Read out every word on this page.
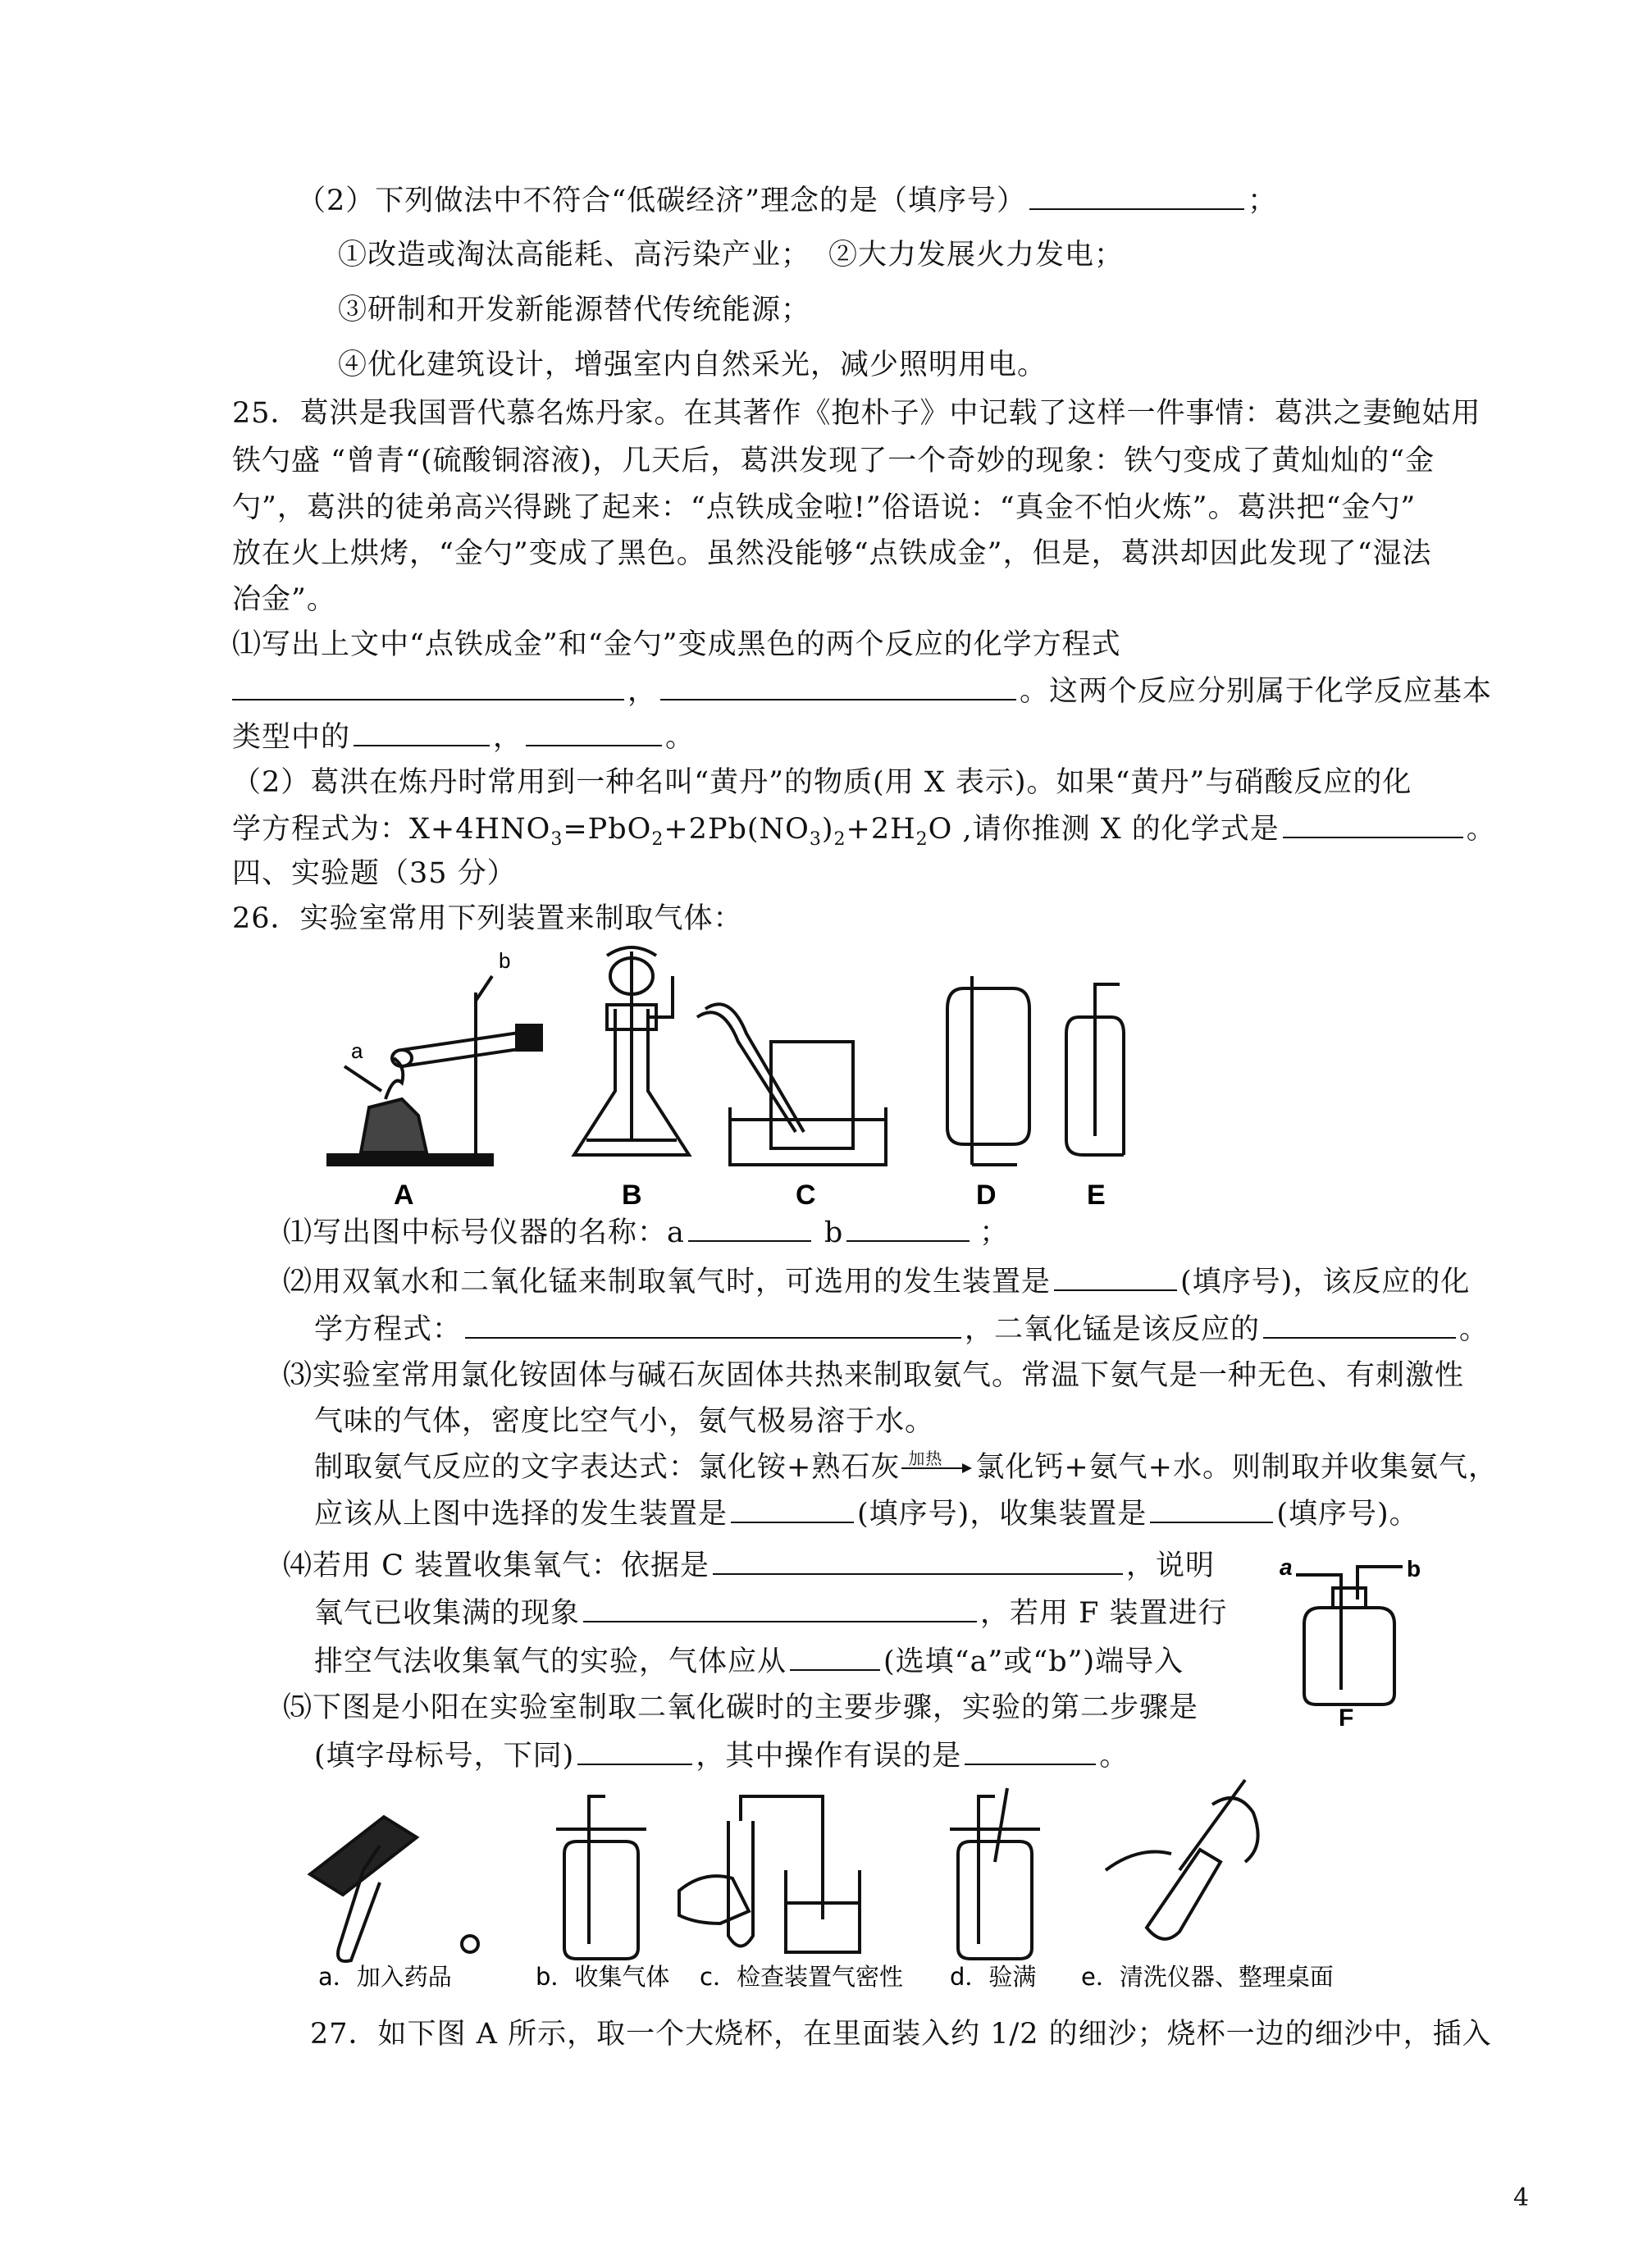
（2）下列做法中不符合“低碳经济”理念的是（填序号）	；
①改造或淘汰高能耗、高污染产业； ②大力发展火力发电；
③研制和开发新能源替代传统能源；
④优化建筑设计，增强室内自然采光，减少照明用电。
25．葛洪是我国晋代慕名炼丹家。在其著作《抱朴子》中记载了这样一件事情：葛洪之妻鲍姑用
铁勺盛 “曾青“(硫酸铜溶液)，几天后，葛洪发现了一个奇妙的现象：铁勺变成了黄灿灿的“金
勺”，葛洪的徒弟高兴得跳了起来：“点铁成金啦!”俗语说：“真金不怕火炼”。葛洪把“金勺”
放在火上烘烤，“金勺”变成了黑色。虽然没能够“点铁成金”，但是，葛洪却因此发现了“湿法
冶金”。
⑴写出上文中“点铁成金”和“金勺”变成黑色的两个反应的化学方程式
，	。这两个反应分别属于化学反应基本
类型中的	，	。
（2）葛洪在炼丹时常用到一种名叫“黄丹”的物质(用 X 表示)。如果“黄丹”与硝酸反应的化
学方程式为：$X+4HNO_3=PbO_2+2Pb(NO_3)_2+2H_2O$ ,请你推测 X 的化学式是	。
四、实验题（35 分）
26．实验室常用下列装置来制取气体：
a
b
A	B	C	D	E
⑴写出图中标号仪器的名称：a	b	；
⑵用双氧水和二氧化锰来制取氧气时，可选用的发生装置是	(填序号)，该反应的化
学方程式：	，二氧化锰是该反应的	。
⑶实验室常用氯化铵固体与碱石灰固体共热来制取氨气。常温下氨气是一种无色、有刺激性
气味的气体，密度比空气小，氨气极易溶于水。
制取氨气反应的文字表达式：氯化铵+熟石灰 加热 氯化钙+氨气+水。则制取并收集氨气，
应该从上图中选择的发生装置是	(填序号)，收集装置是	(填序号)。
⑷若用 C 装置收集氧气：依据是	，说明
氧气已收集满的现象	，若用 F 装置进行
排空气法收集氧气的实验，气体应从	(选填“a”或“b”)端导入
⑸下图是小阳在实验室制取二氧化碳时的主要步骤，实验的第二步骤是
(填字母标号，下同)	，其中操作有误的是	。
a	b
F
a．加入药品	b．收集气体 c．检查装置气密性 d．验满 e．清洗仪器、整理桌面
27．如下图 A 所示，取一个大烧杯，在里面装入约 1/2 的细沙；烧杯一边的细沙中，插入
4
